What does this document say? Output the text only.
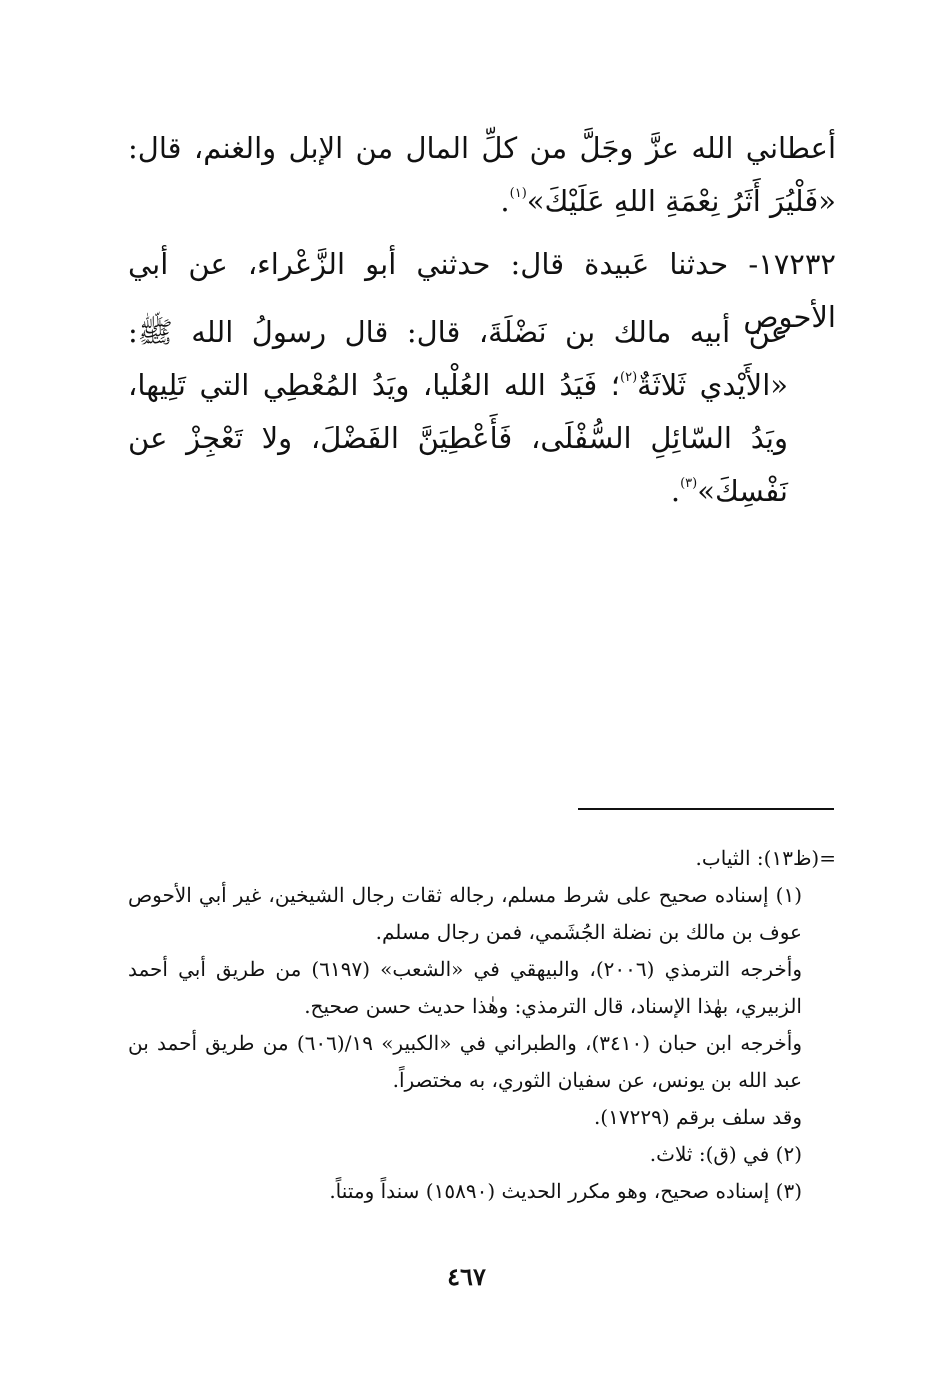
أعطاني الله عزَّ وجَلَّ من كلِّ المال من الإبل والغنم، قال: «فَلْيُرَ أَثَرُ نِعْمَةِ اللهِ عَلَيْكَ»$^{(١)}$.

١٧٢٣٢- حدثنا عَبيدة قال: حدثني أبو الزَّعْراء، عن أبي الأحوص

عن أبيه مالك بن نَضْلَةَ، قال: قال رسولُ الله ﷺ: «الأَيْدي ثَلاثَةٌ$^{(٢)}$؛ فَيَدُ الله العُلْيا، ويَدُ المُعْطِي التي تَلِيها، ويَدُ السّائِلِ السُّفْلَى، فَأَعْطِيَنَّ الفَضْلَ، ولا تَعْجِزْ عن نَفْسِكَ»$^{(٣)}$.

=(ظ١٣): الثياب.

(١) إسناده صحيح على شرط مسلم، رجاله ثقات رجال الشيخين، غير أبي الأحوص عوف بن مالك بن نضلة الجُشَمي، فمن رجال مسلم.

وأخرجه الترمذي (٢٠٠٦)، والبيهقي في «الشعب» (٦١٩٧) من طريق أبي أحمد الزبيري، بهٰذا الإسناد، قال الترمذي: وهٰذا حديث حسن صحيح.

وأخرجه ابن حبان (٣٤١٠)، والطبراني في «الكبير» ١٩/(٦٠٦) من طريق أحمد بن عبد الله بن يونس، عن سفيان الثوري، به مختصراً.

وقد سلف برقم (١٧٢٢٩).

(٢) في (ق): ثلاث.

(٣) إسناده صحيح، وهو مكرر الحديث (١٥٨٩٠) سنداً ومتناً.

٤٦٧
